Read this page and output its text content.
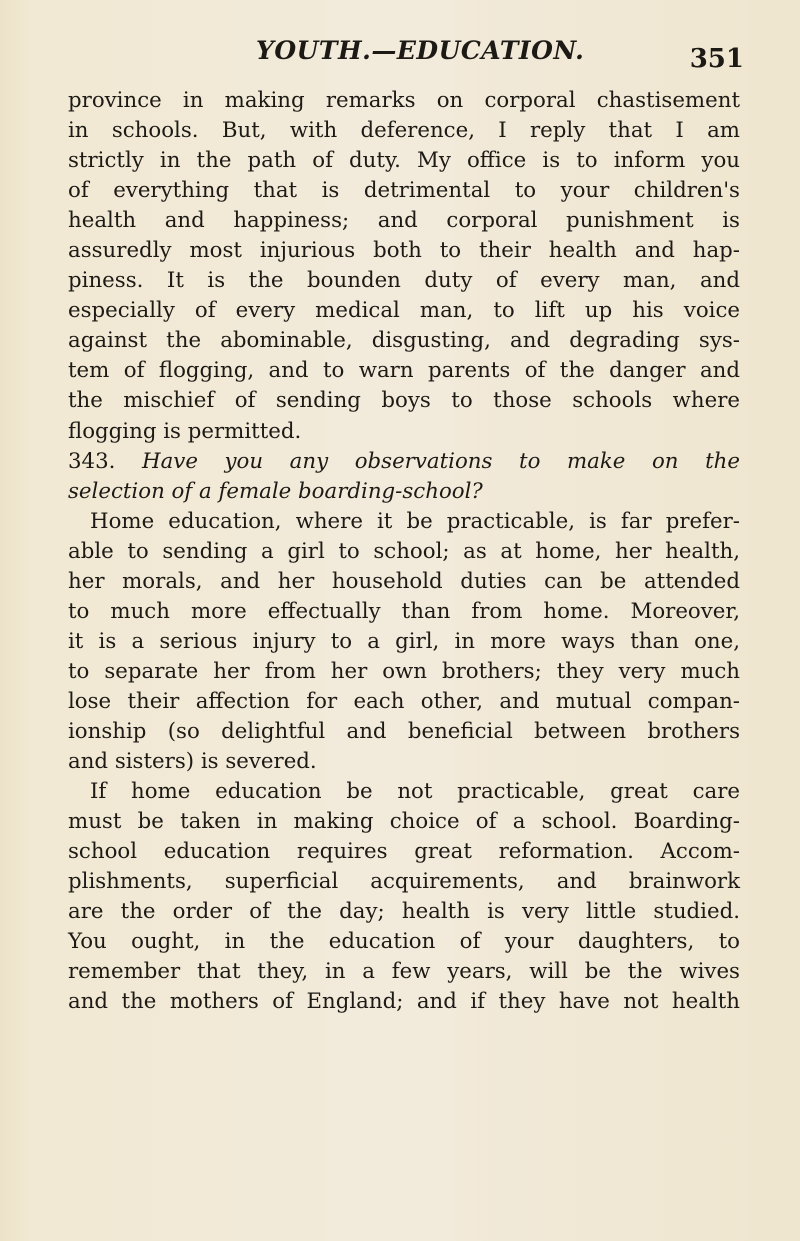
YOUTH.—EDUCATION.	351
province in making remarks on corporal chastisement
in schools. But, with deference, I reply that I am
strictly in the path of duty. My office is to inform you
of everything that is detrimental to your children's
health and happiness; and corporal punishment is
assuredly most injurious both to their health and hap-
piness. It is the bounden duty of every man, and
especially of every medical man, to lift up his voice
against the abominable, disgusting, and degrading sys-
tem of flogging, and to warn parents of the danger and
the mischief of sending boys to those schools where
flogging is permitted.
343. Have you any observations to make on the
selection of a female boarding-school?
Home education, where it be practicable, is far prefer-
able to sending a girl to school; as at home, her health,
her morals, and her household duties can be attended
to much more effectually than from home. Moreover,
it is a serious injury to a girl, in more ways than one,
to separate her from her own brothers; they very much
lose their affection for each other, and mutual compan-
ionship (so delightful and beneficial between brothers
and sisters) is severed.
If home education be not practicable, great care
must be taken in making choice of a school. Boarding-
school education requires great reformation. Accom-
plishments, superficial acquirements, and brainwork
are the order of the day; health is very little studied.
You ought, in the education of your daughters, to
remember that they, in a few years, will be the wives
and the mothers of England; and if they have not health
